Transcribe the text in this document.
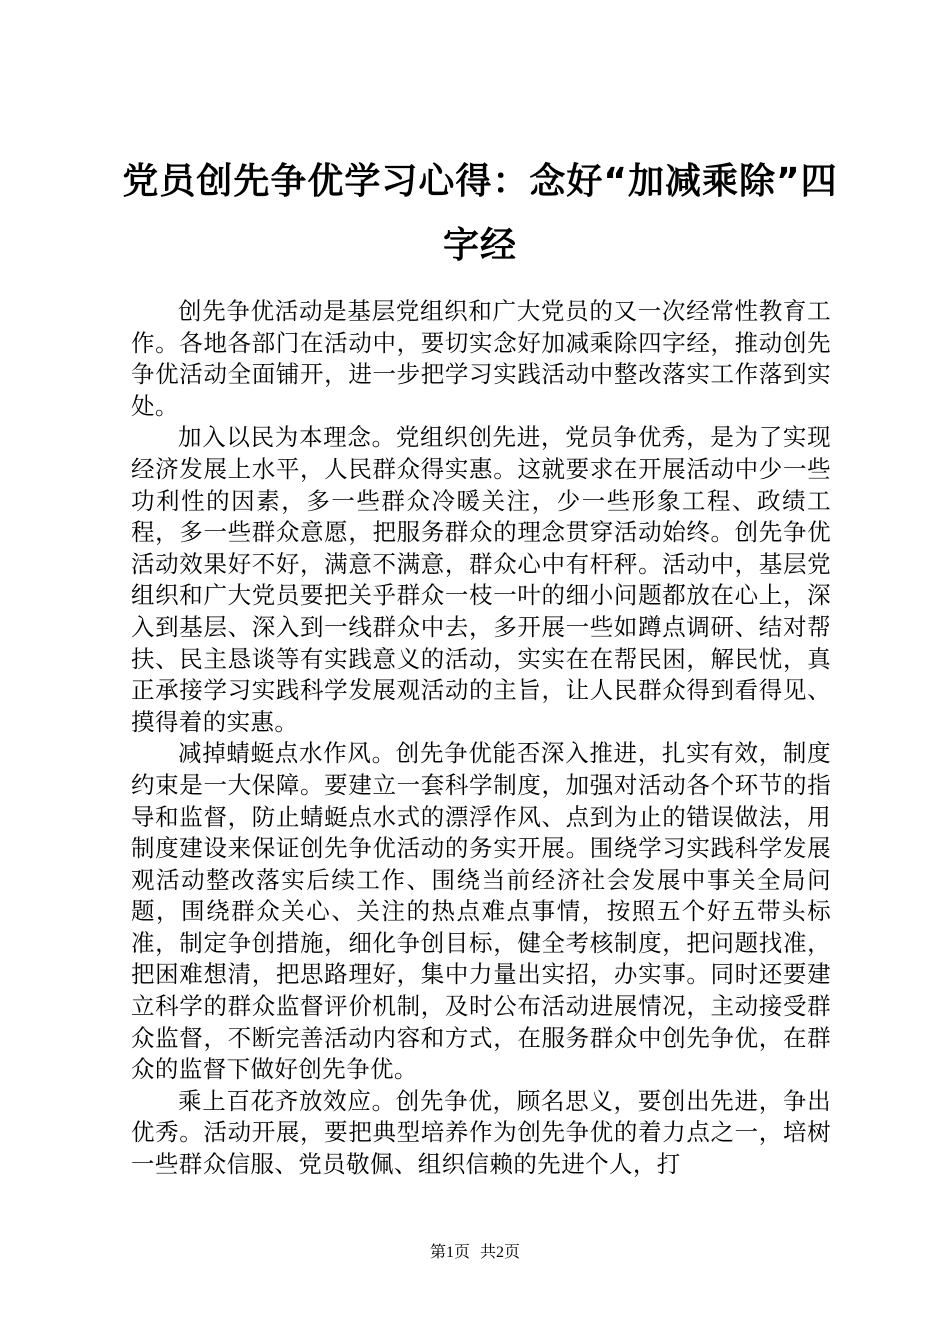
党员创先争优学习心得：念好“加减乘除”四字经

创先争优活动是基层党组织和广大党员的又一次经常性教育工作。各地各部门在活动中，要切实念好加减乘除四字经，推动创先争优活动全面铺开，进一步把学习实践活动中整改落实工作落到实处。

加入以民为本理念。党组织创先进，党员争优秀，是为了实现经济发展上水平，人民群众得实惠。这就要求在开展活动中少一些功利性的因素，多一些群众冷暖关注，少一些形象工程、政绩工程，多一些群众意愿，把服务群众的理念贯穿活动始终。创先争优活动效果好不好，满意不满意，群众心中有杆秤。活动中，基层党组织和广大党员要把关乎群众一枝一叶的细小问题都放在心上，深入到基层、深入到一线群众中去，多开展一些如蹲点调研、结对帮扶、民主恳谈等有实践意义的活动，实实在在帮民困，解民忧，真正承接学习实践科学发展观活动的主旨，让人民群众得到看得见、摸得着的实惠。

减掉蜻蜓点水作风。创先争优能否深入推进，扎实有效，制度约束是一大保障。要建立一套科学制度，加强对活动各个环节的指导和监督，防止蜻蜓点水式的漂浮作风、点到为止的错误做法，用制度建设来保证创先争优活动的务实开展。围绕学习实践科学发展观活动整改落实后续工作、围绕当前经济社会发展中事关全局问题，围绕群众关心、关注的热点难点事情，按照五个好五带头标准，制定争创措施，细化争创目标，健全考核制度，把问题找准，把困难想清，把思路理好，集中力量出实招，办实事。同时还要建立科学的群众监督评价机制，及时公布活动进展情况，主动接受群众监督，不断完善活动内容和方式，在服务群众中创先争优，在群众的监督下做好创先争优。

乘上百花齐放效应。创先争优，顾名思义，要创出先进，争出优秀。活动开展，要把典型培养作为创先争优的着力点之一，培树一些群众信服、党员敬佩、组织信赖的先进个人，打

第1页 共2页
